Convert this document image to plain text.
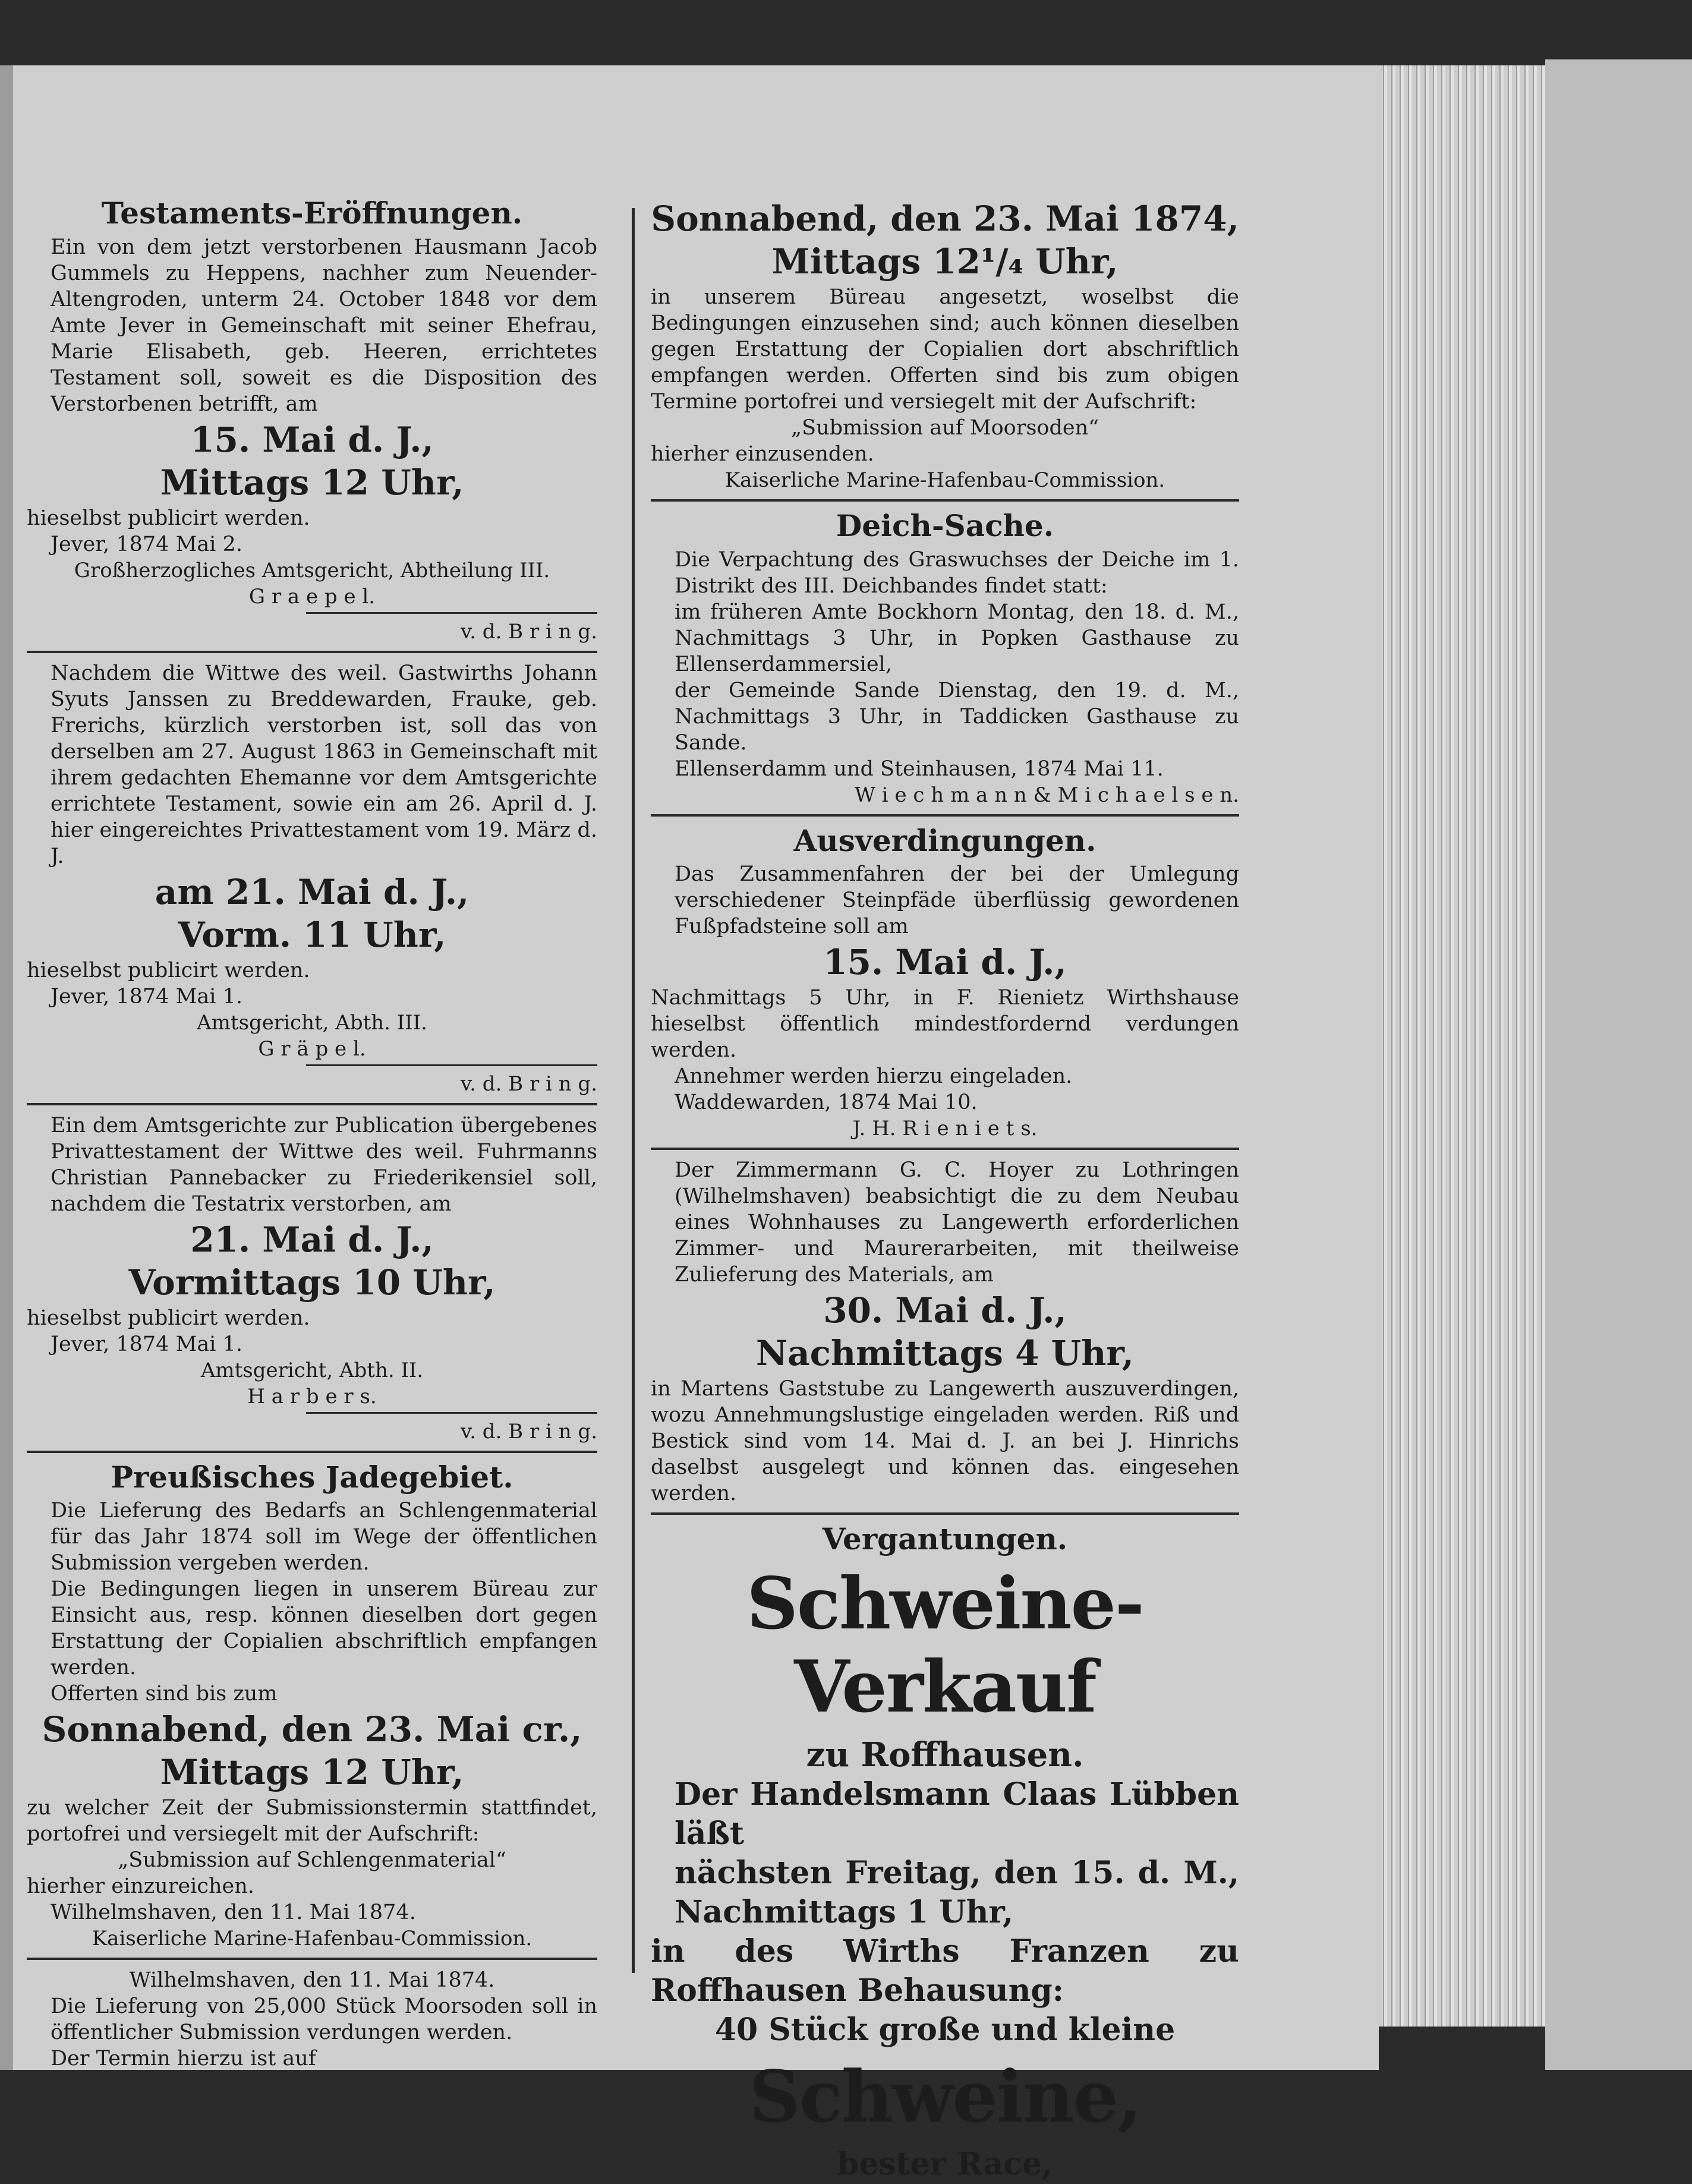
Testaments-Eröffnungen.

Ein von dem jetzt verstorbenen Hausmann Jacob Gummels zu Heppens, nachher zum Neuender-Altengroden, unterm 24. October 1848 vor dem Amte Jever in Gemeinschaft mit seiner Ehefrau, Marie Elisabeth, geb. Heeren, errichtetes Testament soll, soweit es die Disposition des Verstorbenen betrifft, am

15. Mai d. J.,
Mittags 12 Uhr,

hieselbst publicirt werden.

Jever, 1874 Mai 2.

Großherzogliches Amtsgericht, Abtheilung III.

G r a e p e l.

v. d. B r i n g.

Nachdem die Wittwe des weil. Gastwirths Johann Syuts Janssen zu Breddewarden, Frauke, geb. Frerichs, kürzlich verstorben ist, soll das von derselben am 27. August 1863 in Gemeinschaft mit ihrem gedachten Ehemanne vor dem Amtsgerichte errichtete Testament, sowie ein am 26. April d. J. hier eingereichtes Privattestament vom 19. März d. J.

am 21. Mai d. J.,
Vorm. 11 Uhr,

hieselbst publicirt werden.

Jever, 1874 Mai 1.

Amtsgericht, Abth. III.

G r ä p e l.

v. d. B r i n g.

Ein dem Amtsgerichte zur Publication übergebenes Privattestament der Wittwe des weil. Fuhrmanns Christian Pannebacker zu Friederikensiel soll, nachdem die Testatrix verstorben, am

21. Mai d. J.,
Vormittags 10 Uhr,

hieselbst publicirt werden.

Jever, 1874 Mai 1.

Amtsgericht, Abth. II.

H a r b e r s.

v. d. B r i n g.

Preußisches Jadegebiet.

Die Lieferung des Bedarfs an Schlengenmaterial für das Jahr 1874 soll im Wege der öffentlichen Submission vergeben werden.

Die Bedingungen liegen in unserem Büreau zur Einsicht aus, resp. können dieselben dort gegen Erstattung der Copialien abschriftlich empfangen werden.

Offerten sind bis zum

Sonnabend, den 23. Mai cr.,
Mittags 12 Uhr,

zu welcher Zeit der Submissionstermin stattfindet, portofrei und versiegelt mit der Aufschrift:

„Submission auf Schlengenmaterial“

hierher einzureichen.

Wilhelmshaven, den 11. Mai 1874.

Kaiserliche Marine-Hafenbau-Commission.

Wilhelmshaven, den 11. Mai 1874.

Die Lieferung von 25,000 Stück Moorsoden soll in öffentlicher Submission verdungen werden.

Der Termin hierzu ist auf

Sonnabend, den 23. Mai 1874,
Mittags 12¹/₄ Uhr,

in unserem Büreau angesetzt, woselbst die Bedingungen einzusehen sind; auch können dieselben gegen Erstattung der Copialien dort abschriftlich empfangen werden. Offerten sind bis zum obigen Termine portofrei und versiegelt mit der Aufschrift:

„Submission auf Moorsoden“

hierher einzusenden.

Kaiserliche Marine-Hafenbau-Commission.

Deich-Sache.

Die Verpachtung des Graswuchses der Deiche im 1. Distrikt des III. Deichbandes findet statt:

im früheren Amte Bockhorn Montag, den 18. d. M., Nachmittags 3 Uhr, in Popken Gasthause zu Ellenserdammersiel,

der Gemeinde Sande Dienstag, den 19. d. M., Nachmittags 3 Uhr, in Taddicken Gasthause zu Sande.

Ellenserdamm und Steinhausen, 1874 Mai 11.

W i e c h m a n n & M i c h a e l s e n.

Ausverdingungen.

Das Zusammenfahren der bei der Umlegung verschiedener Steinpfäde überflüssig gewordenen Fußpfadsteine soll am

15. Mai d. J.,

Nachmittags 5 Uhr, in F. Rienietz Wirthshause hieselbst öffentlich mindestfordernd verdungen werden.

Annehmer werden hierzu eingeladen.

Waddewarden, 1874 Mai 10.

J. H. R i e n i e t s.

Der Zimmermann G. C. Hoyer zu Lothringen (Wilhelmshaven) beabsichtigt die zu dem Neubau eines Wohnhauses zu Langewerth erforderlichen Zimmer- und Maurerarbeiten, mit theilweise Zulieferung des Materials, am

30. Mai d. J.,
Nachmittags 4 Uhr,

in Martens Gaststube zu Langewerth auszuverdingen, wozu Annehmungslustige eingeladen werden. Riß und Bestick sind vom 14. Mai d. J. an bei J. Hinrichs daselbst ausgelegt und können das. eingesehen werden.

Vergantungen.
Schweine-Verkauf
zu Roffhausen.

Der Handelsmann Claas Lübben läßt

nächsten Freitag, den 15. d. M., Nachmittags 1 Uhr,

in des Wirths Franzen zu Roffhausen Behausung:

40 Stück große und kleine

Schweine,

bester Race,
